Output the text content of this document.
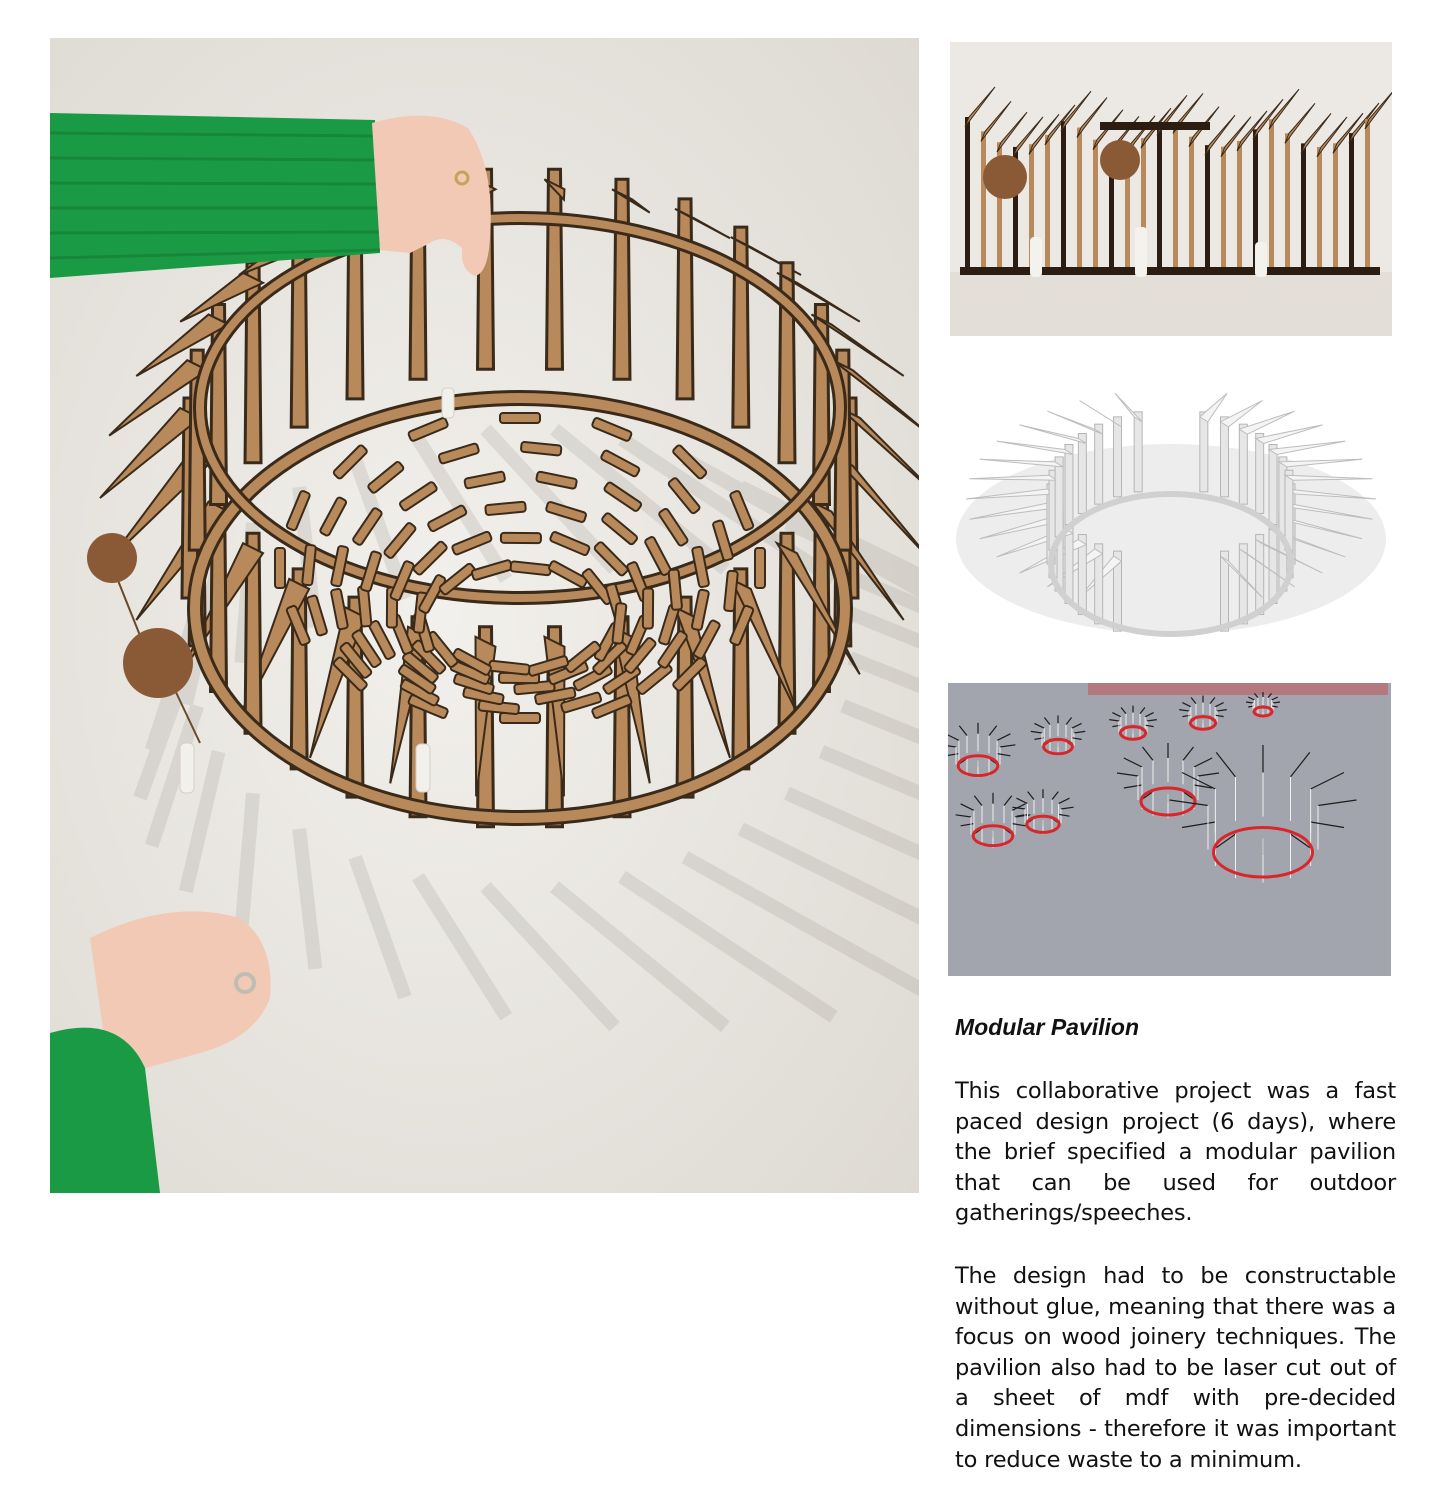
Modular Pavilion

This collaborative project was a fast paced design project (6 days), where the brief specified a modular pavilion that can be used for outdoor gatherings/speeches.

The design had to be constructable without glue, meaning that there was a focus on wood joinery techniques. The pavilion also had to be laser cut out of a sheet of mdf with pre-decided dimensions - therefore it was important to reduce waste to a minimum.
